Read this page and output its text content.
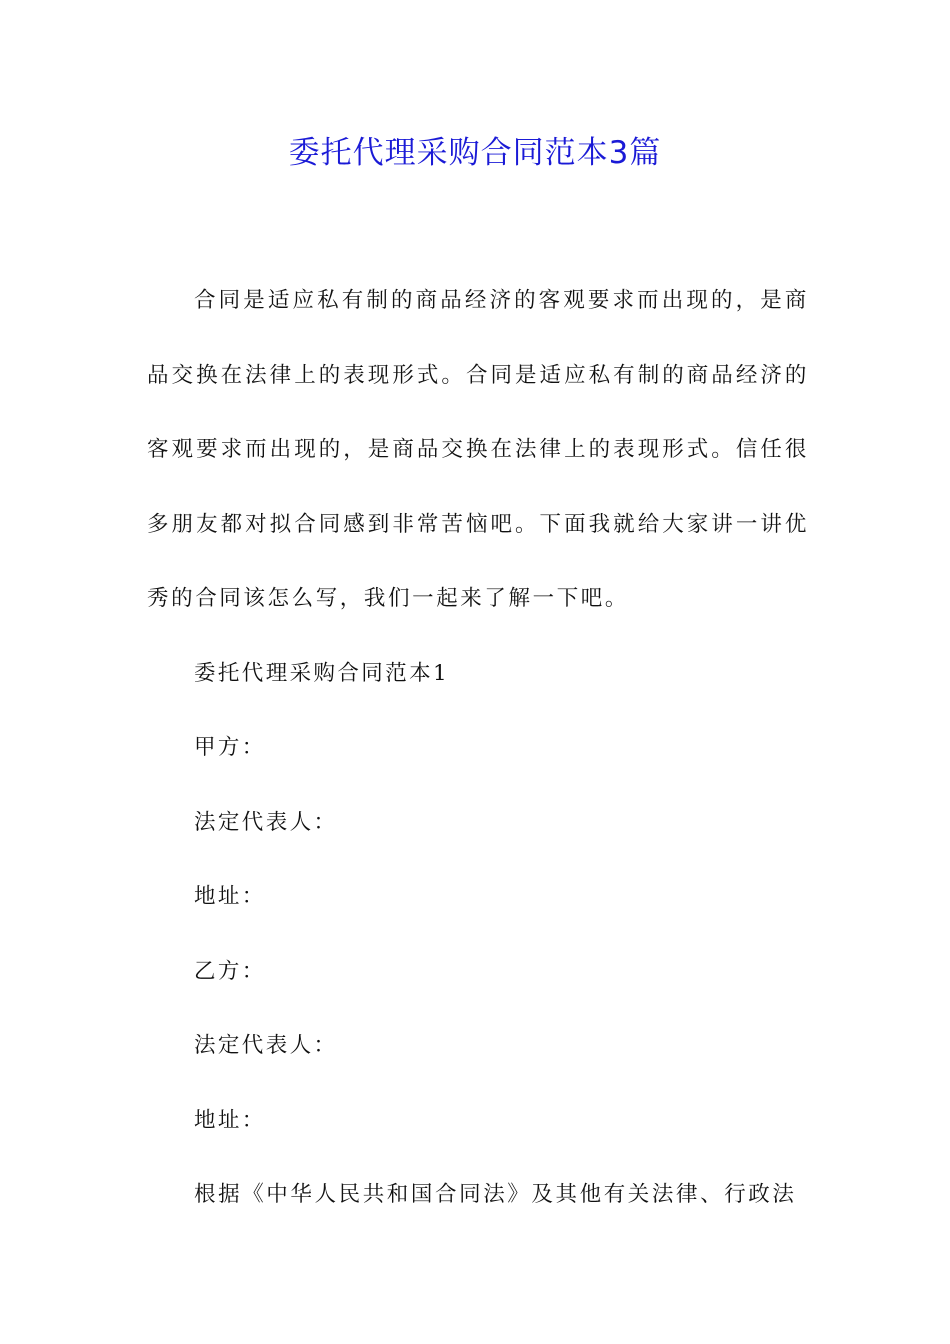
委托代理采购合同范本3篇

合同是适应私有制的商品经济的客观要求而出现的，是商品交换在法律上的表现形式。合同是适应私有制的商品经济的客观要求而出现的，是商品交换在法律上的表现形式。信任很多朋友都对拟合同感到非常苦恼吧。下面我就给大家讲一讲优秀的合同该怎么写，我们一起来了解一下吧。

委托代理采购合同范本1

甲方：

法定代表人：

地址：

乙方：

法定代表人：

地址：

根据《中华人民共和国合同法》及其他有关法律、行政法
